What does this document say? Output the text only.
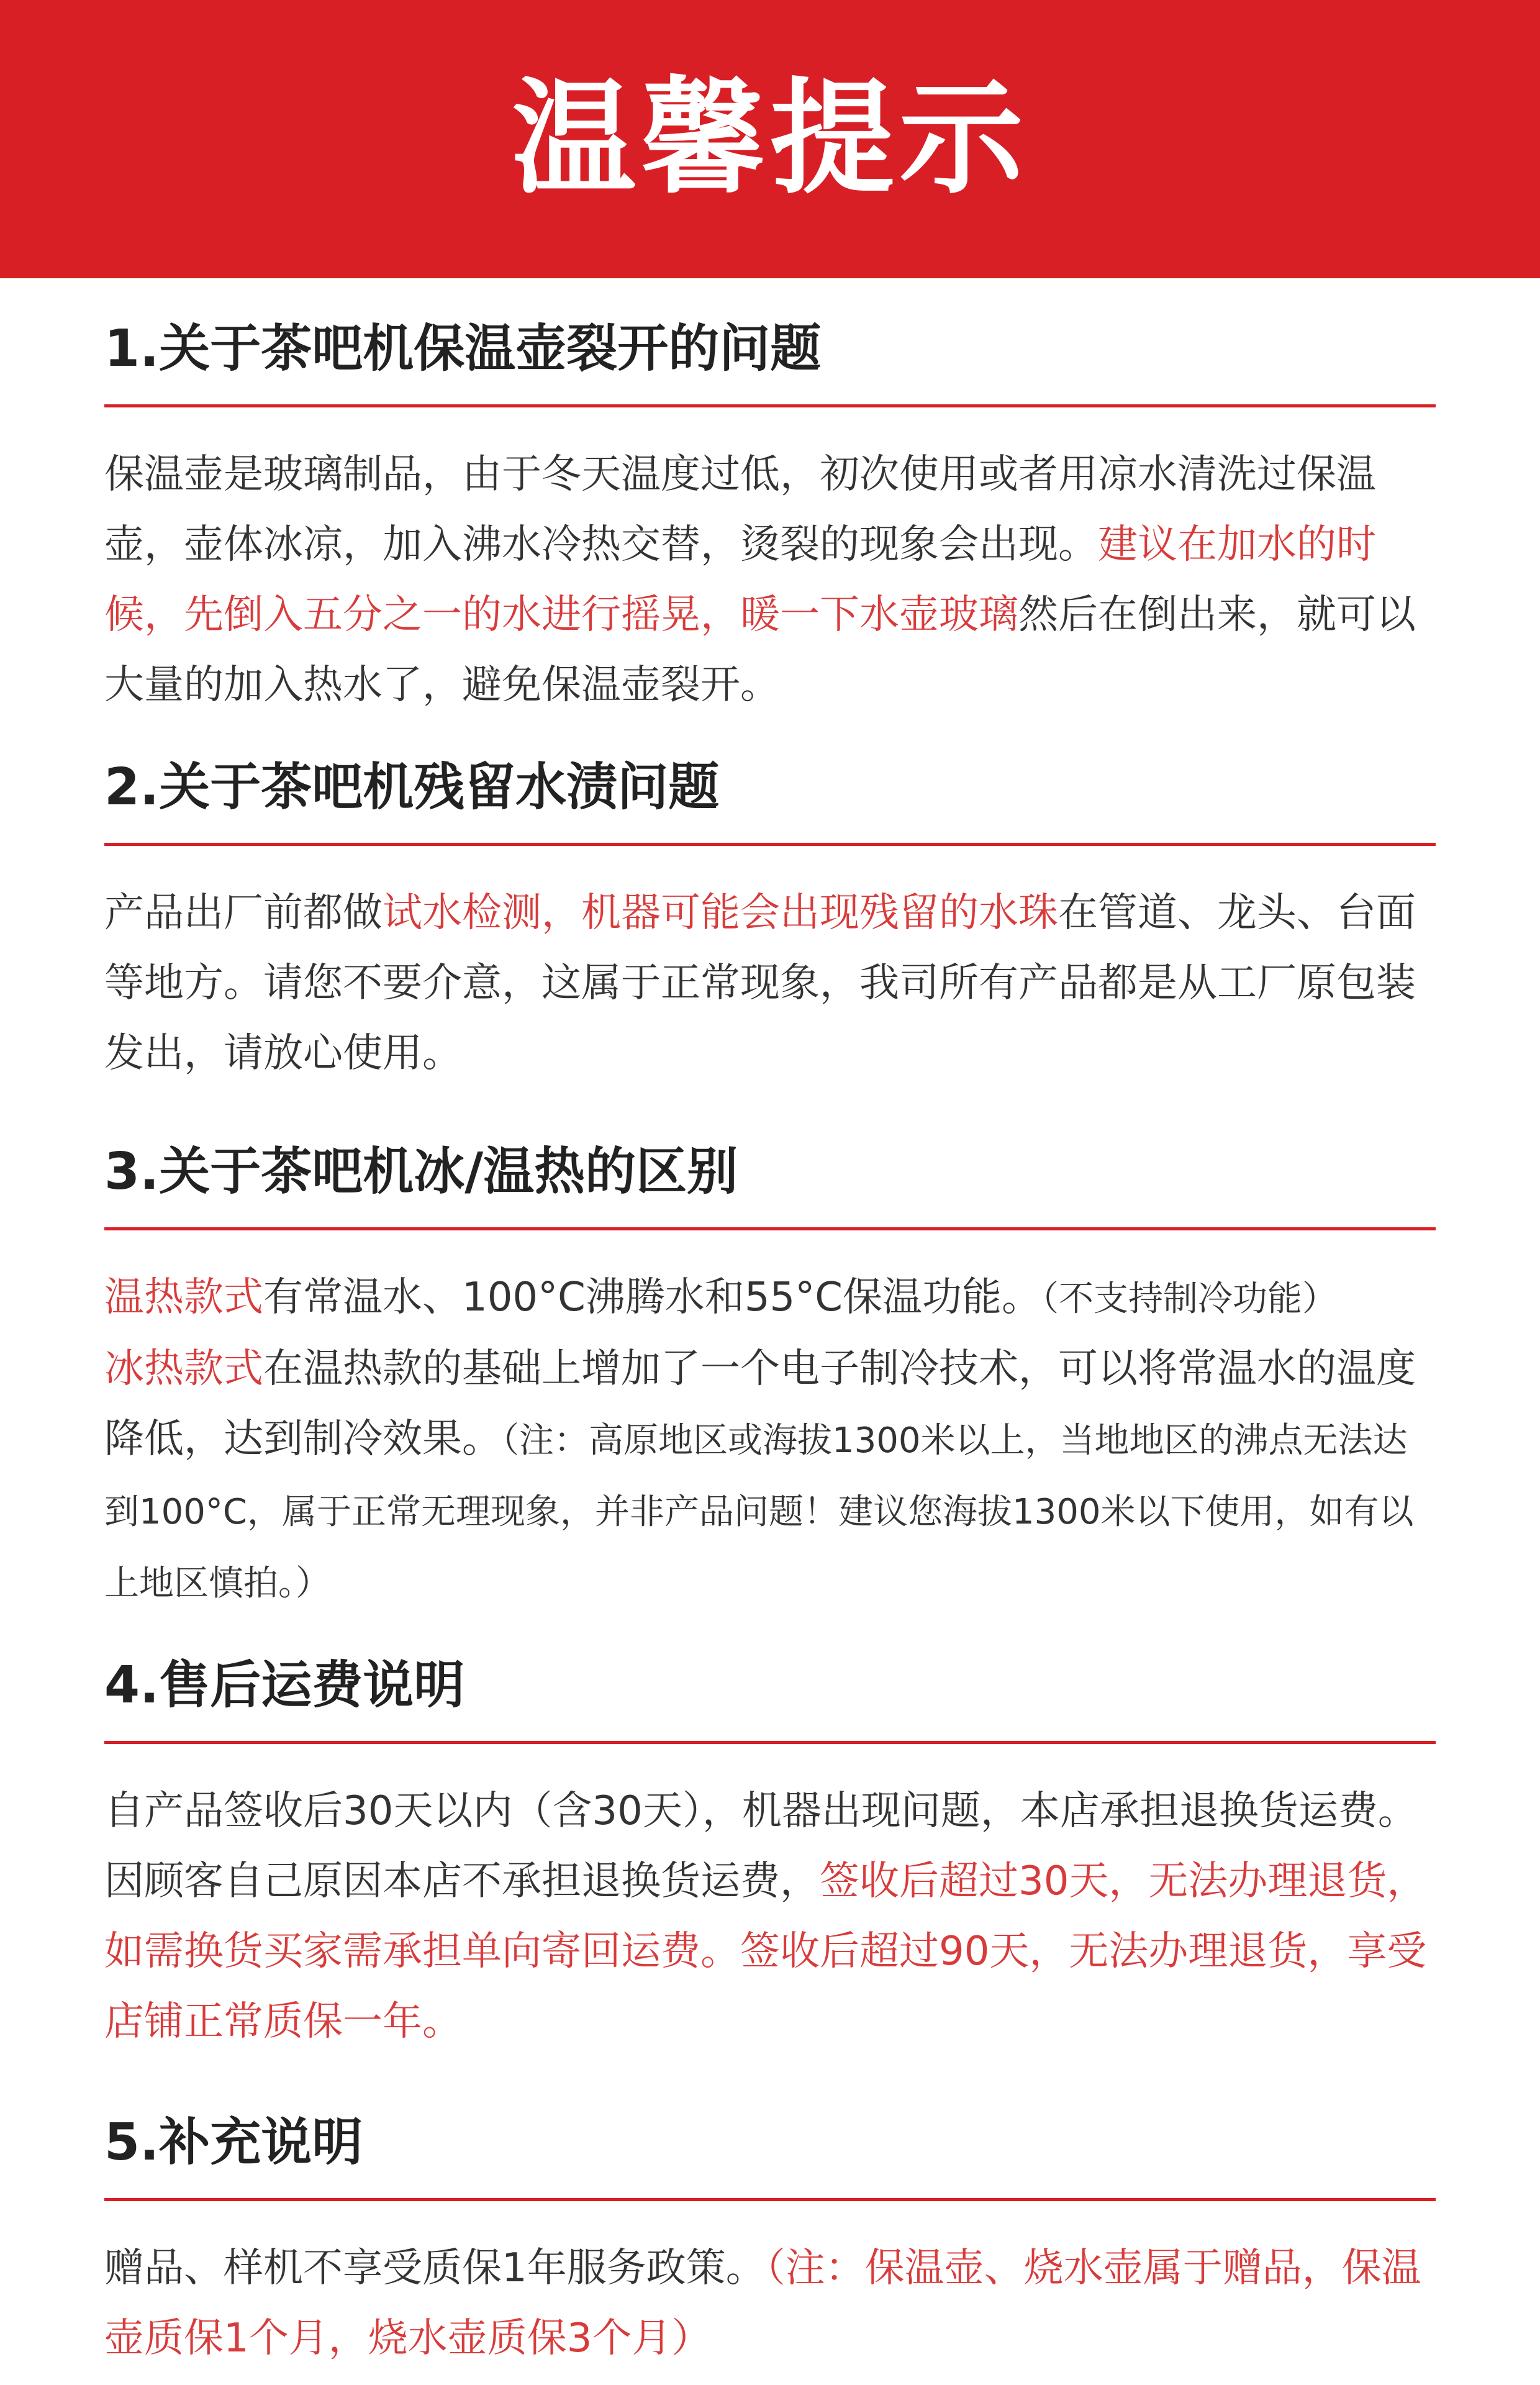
温馨提示
1.关于茶吧机保温壶裂开的问题
保温壶是玻璃制品，由于冬天温度过低，初次使用或者用凉水清洗过保温壶，壶体冰凉，加入沸水冷热交替，烫裂的现象会出现。建议在加水的时候，先倒入五分之一的水进行摇晃，暖一下水壶玻璃然后在倒出来，就可以大量的加入热水了，避免保温壶裂开。
2.关于茶吧机残留水渍问题
产品出厂前都做试水检测，机器可能会出现残留的水珠在管道、龙头、台面等地方。请您不要介意，这属于正常现象，我司所有产品都是从工厂原包装发出，请放心使用。
3.关于茶吧机冰/温热的区别
温热款式有常温水、100°C沸腾水和55°C保温功能。（不支持制冷功能）
冰热款式在温热款的基础上增加了一个电子制冷技术，可以将常温水的温度降低，达到制冷效果。（注：高原地区或海拔1300米以上，当地地区的沸点无法达到100°C，属于正常无理现象，并非产品问题！建议您海拔1300米以下使用，如有以上地区慎拍。）
4.售后运费说明
自产品签收后30天以内（含30天），机器出现问题，本店承担退换货运费。因顾客自己原因本店不承担退换货运费，签收后超过30天，无法办理退货，如需换货买家需承担单向寄回运费。签收后超过90天，无法办理退货，享受店铺正常质保一年。
5.补充说明
赠品、样机不享受质保1年服务政策。（注：保温壶、烧水壶属于赠品，保温壶质保1个月，烧水壶质保3个月）
